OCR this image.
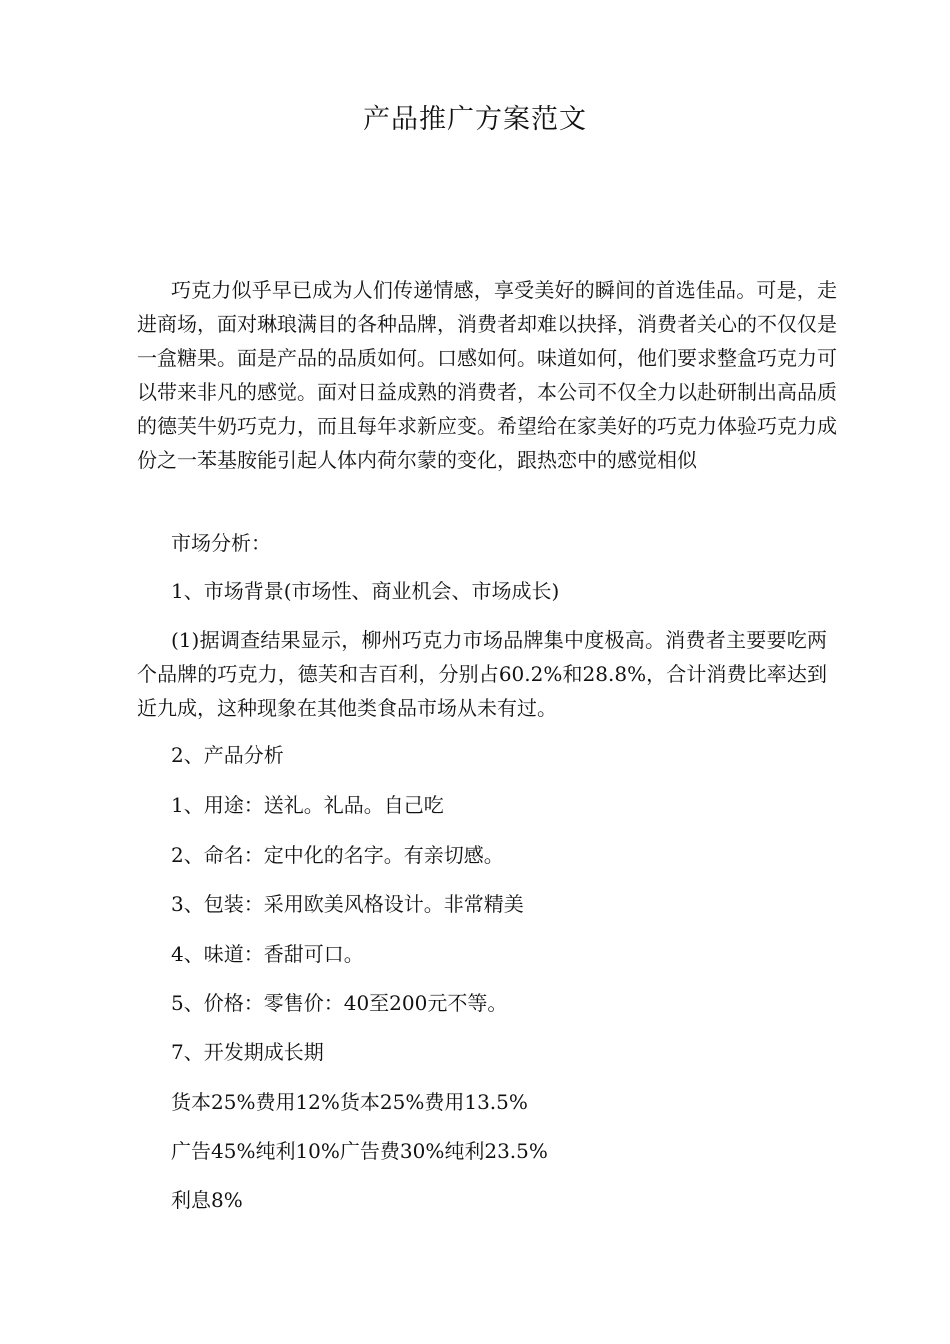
产品推广方案范文

巧克力似乎早已成为人们传递情感，享受美好的瞬间的首选佳品。可是，走进商场，面对琳琅满目的各种品牌，消费者却难以抉择，消费者关心的不仅仅是一盒糖果。面是产品的品质如何。口感如何。味道如何，他们要求整盒巧克力可以带来非凡的感觉。面对日益成熟的消费者，本公司不仅全力以赴研制出高品质的德芙牛奶巧克力，而且每年求新应变。希望给在家美好的巧克力体验巧克力成份之一苯基胺能引起人体内荷尔蒙的变化，跟热恋中的感觉相似

市场分析：

1、市场背景(市场性、商业机会、市场成长)

(1)据调查结果显示，柳州巧克力市场品牌集中度极高。消费者主要要吃两个品牌的巧克力，德芙和吉百利，分别占60.2%和28.8%，合计消费比率达到近九成，这种现象在其他类食品市场从未有过。

2、产品分析

1、用途：送礼。礼品。自己吃

2、命名：定中化的名字。有亲切感。

3、包装：采用欧美风格设计。非常精美

4、味道：香甜可口。

5、价格：零售价：40至200元不等。

7、开发期成长期

货本25%费用12%货本25%费用13.5%

广告45%纯利10%广告费30%纯利23.5%

利息8%
